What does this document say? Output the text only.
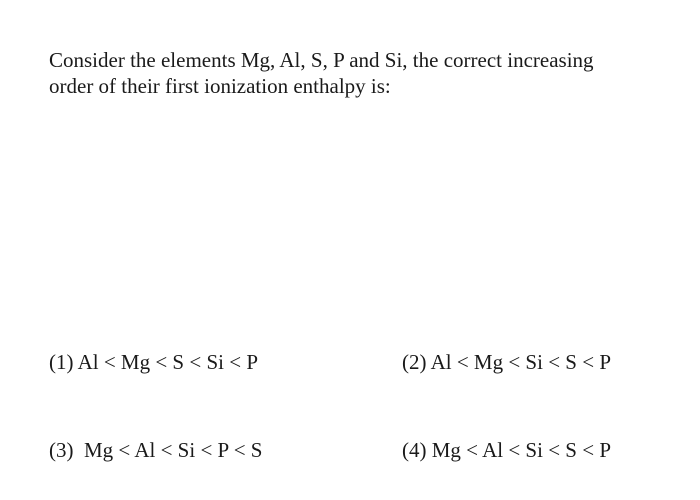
Consider the elements Mg, Al, S, P and Si, the correct increasing
order of their first ionization enthalpy is:
(1) Al < Mg < S < Si < P	(2) Al < Mg < Si < S < P
(3)  Mg < Al < Si < P < S	(4) Mg < Al < Si < S < P
